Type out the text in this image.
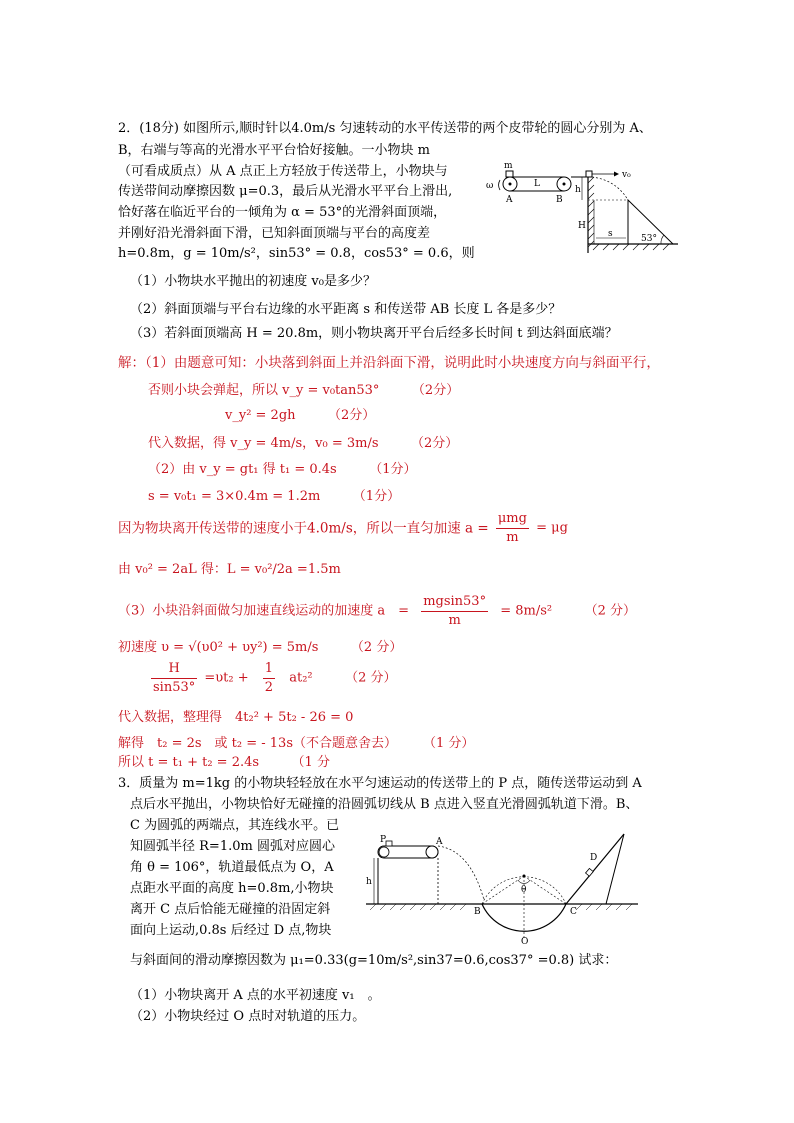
2．(18分) 如图所示,顺时针以4.0m/s 匀速转动的水平传送带的两个皮带轮的圆心分别为 A、
B，右端与等高的光滑水平平台恰好接触。一小物块 m
（可看成质点）从 A 点正上方轻放于传送带上，小物块与
传送带间动摩擦因数 μ=0.3，最后从光滑水平平台上滑出,
恰好落在临近平台的一倾角为 α = 53°的光滑斜面顶端，
并刚好沿光滑斜面下滑，已知斜面顶端与平台的高度差
h=0.8m，g = 10m/s²，sin53° = 0.8，cos53° = 0.6，则
m
v₀
ω
A
L
B
h
H
s	53°
（1）小物块水平抛出的初速度 v₀是多少？
（2）斜面顶端与平台右边缘的水平距离 s 和传送带 AB 长度 L 各是多少？
（3）若斜面顶端高 H = 20.8m，则小物块离开平台后经多长时间 t 到达斜面底端？
解：（1）由题意可知：小块落到斜面上并沿斜面下滑，说明此时小块速度方向与斜面平行，
否则小块会弹起，所以 v_y = v₀tan53°　　　（2分）
v_y² = 2gh　　　（2分）
代入数据，得 v_y = 4m/s，v₀ = 3m/s　　　（2分）
（2）由 v_y = gt₁ 得 t₁ = 0.4s　　　（1分）
s = v₀t₁ = 3×0.4m = 1.2m　　　（1分）
因为物块离开传送带的速度小于4.0m/s，所以一直匀加速 $a = \frac{\text{μmg}}{m} = \mu g$
由 v₀² = 2aL 得：L = v₀²/2a =1.5m
（3）小块沿斜面做匀加速直线运动的加速度 a　= $\frac{mgsin53^\circ}{m} = 8m/s^2$　　　（2 分）
初速度 υ = √(υ0² + υy²) = 5m/s　　　（2 分）
$\frac{H}{\sin 53^\circ} =\upsilon t_2 + \frac{1}{2} at_2^2$　　　（2 分）
代入数据，整理得　4t₂² + 5t₂ - 26 = 0
解得　t₂ = 2s　或 t₂ = - 13s（不合题意舍去）　　　（1 分）
所以 t = t₁ + t₂ = 2.4s　　　（1 分
3．质量为 m=1kg 的小物块轻轻放在水平匀速运动的传送带上的 P 点，随传送带运动到 A
点后水平抛出，小物块恰好无碰撞的沿圆弧切线从 B 点进入竖直光滑圆弧轨道下滑。B、
C 为圆弧的两端点，其连线水平。已
知圆弧半径 R=1.0m 圆弧对应圆心
角 θ = 106°，轨道最低点为 O，A
点距水平面的高度 h=0.8m,小物块
离开 C 点后恰能无碰撞的沿固定斜
面向上运动,0.8s 后经过 D 点,物块
与斜面间的滑动摩擦因数为 μ₁=0.33(g=10m/s²,sin37=0.6,cos37° =0.8) 试求：
P	A
h
B	C
D
O
θ
（1）小物块离开 A 点的水平初速度 v₁　。
（2）小物块经过 O 点时对轨道的压力。
